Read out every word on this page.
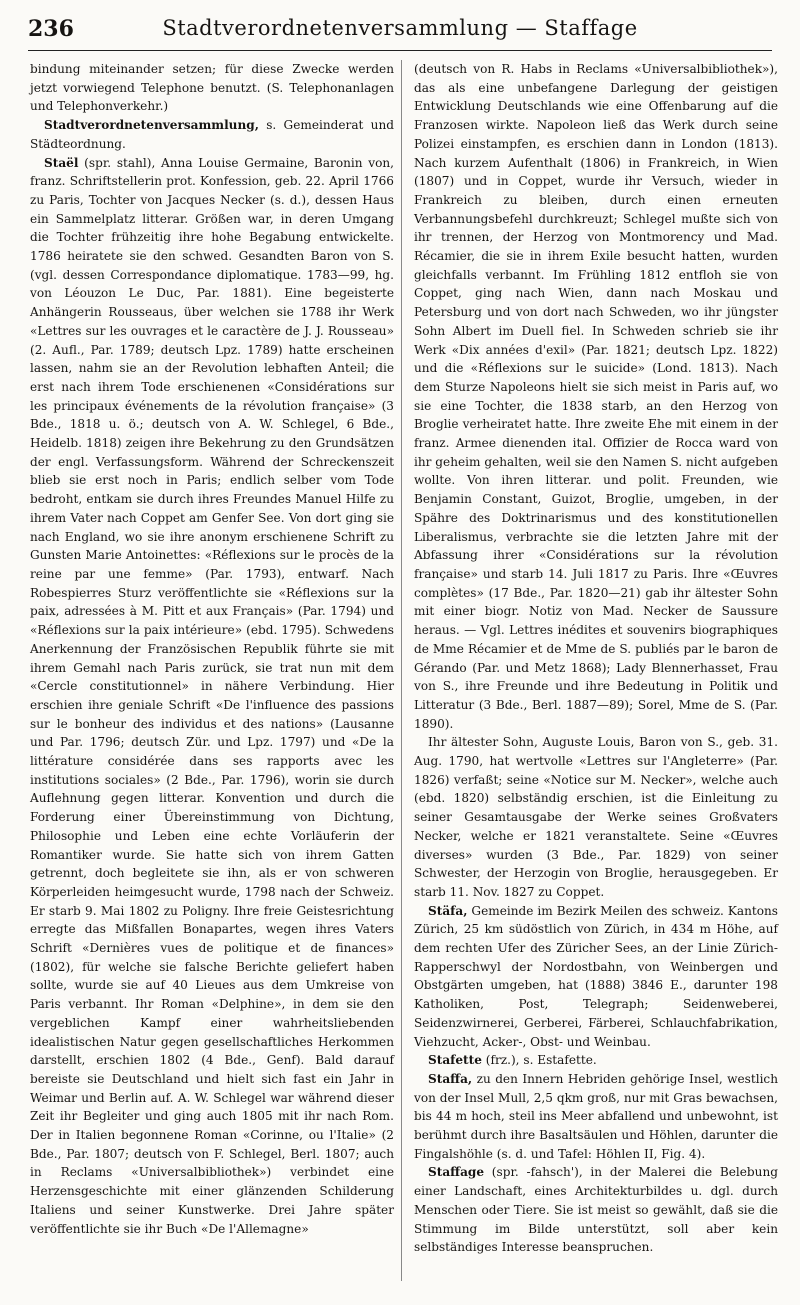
236	Stadtverordnetenversammlung — Staffage

bindung miteinander setzen; für diese Zwecke werden jetzt vorwiegend Telephone benutzt. (S. Telephonanlagen und Telephonverkehr.)

Stadtverordnetenversammlung, s. Gemeinderat und Städteordnung.

Staël (spr. stahl), Anna Louise Germaine, Baronin von, franz. Schriftstellerin prot. Konfession, geb. 22. April 1766 zu Paris, Tochter von Jacques Necker (s. d.), dessen Haus ein Sammelplatz litterar. Größen war, in deren Umgang die Tochter frühzeitig ihre hohe Begabung entwickelte. 1786 heiratete sie den schwed. Gesandten Baron von S. (vgl. dessen Correspondance diplomatique. 1783—99, hg. von Léouzon Le Duc, Par. 1881). Eine begeisterte Anhängerin Rousseaus, über welchen sie 1788 ihr Werk «Lettres sur les ouvrages et le caractère de J. J. Rousseau» (2. Aufl., Par. 1789; deutsch Lpz. 1789) hatte erscheinen lassen, nahm sie an der Revolution lebhaften Anteil; die erst nach ihrem Tode erschienenen «Considérations sur les principaux événements de la révolution française» (3 Bde., 1818 u. ö.; deutsch von A. W. Schlegel, 6 Bde., Heidelb. 1818) zeigen ihre Bekehrung zu den Grundsätzen der engl. Verfassungsform. Während der Schreckenszeit blieb sie erst noch in Paris; endlich selber vom Tode bedroht, entkam sie durch ihres Freundes Manuel Hilfe zu ihrem Vater nach Coppet am Genfer See. Von dort ging sie nach England, wo sie ihre anonym erschienene Schrift zu Gunsten Marie Antoinettes: «Réflexions sur le procès de la reine par une femme» (Par. 1793), entwarf. Nach Robespierres Sturz veröffentlichte sie «Réflexions sur la paix, adressées à M. Pitt et aux Français» (Par. 1794) und «Réflexions sur la paix intérieure» (ebd. 1795). Schwedens Anerkennung der Französischen Republik führte sie mit ihrem Gemahl nach Paris zurück, sie trat nun mit dem «Cercle constitutionnel» in nähere Verbindung. Hier erschien ihre geniale Schrift «De l'influence des passions sur le bonheur des individus et des nations» (Lausanne und Par. 1796; deutsch Zür. und Lpz. 1797) und «De la littérature considérée dans ses rapports avec les institutions sociales» (2 Bde., Par. 1796), worin sie durch Auflehnung gegen litterar. Konvention und durch die Forderung einer Übereinstimmung von Dichtung, Philosophie und Leben eine echte Vorläuferin der Romantiker wurde. Sie hatte sich von ihrem Gatten getrennt, doch begleitete sie ihn, als er von schweren Körperleiden heimgesucht wurde, 1798 nach der Schweiz. Er starb 9. Mai 1802 zu Poligny. Ihre freie Geistesrichtung erregte das Mißfallen Bonapartes, wegen ihres Vaters Schrift «Dernières vues de politique et de finances» (1802), für welche sie falsche Berichte geliefert haben sollte, wurde sie auf 40 Lieues aus dem Umkreise von Paris verbannt. Ihr Roman «Delphine», in dem sie den vergeblichen Kampf einer wahrheitsliebenden idealistischen Natur gegen gesellschaftliches Herkommen darstellt, erschien 1802 (4 Bde., Genf). Bald darauf bereiste sie Deutschland und hielt sich fast ein Jahr in Weimar und Berlin auf. A. W. Schlegel war während dieser Zeit ihr Begleiter und ging auch 1805 mit ihr nach Rom. Der in Italien begonnene Roman «Corinne, ou l'Italie» (2 Bde., Par. 1807; deutsch von F. Schlegel, Berl. 1807; auch in Reclams «Universalbibliothek») verbindet eine Herzensgeschichte mit einer glänzenden Schilderung Italiens und seiner Kunstwerke. Drei Jahre später veröffentlichte sie ihr Buch «De l'Allemagne»

(deutsch von R. Habs in Reclams «Universalbibliothek»), das als eine unbefangene Darlegung der geistigen Entwicklung Deutschlands wie eine Offenbarung auf die Franzosen wirkte. Napoleon ließ das Werk durch seine Polizei einstampfen, es erschien dann in London (1813). Nach kurzem Aufenthalt (1806) in Frankreich, in Wien (1807) und in Coppet, wurde ihr Versuch, wieder in Frankreich zu bleiben, durch einen erneuten Verbannungsbefehl durchkreuzt; Schlegel mußte sich von ihr trennen, der Herzog von Montmorency und Mad. Récamier, die sie in ihrem Exile besucht hatten, wurden gleichfalls verbannt. Im Frühling 1812 entfloh sie von Coppet, ging nach Wien, dann nach Moskau und Petersburg und von dort nach Schweden, wo ihr jüngster Sohn Albert im Duell fiel. In Schweden schrieb sie ihr Werk «Dix années d'exil» (Par. 1821; deutsch Lpz. 1822) und die «Réflexions sur le suicide» (Lond. 1813). Nach dem Sturze Napoleons hielt sie sich meist in Paris auf, wo sie eine Tochter, die 1838 starb, an den Herzog von Broglie verheiratet hatte. Ihre zweite Ehe mit einem in der franz. Armee dienenden ital. Offizier de Rocca ward von ihr geheim gehalten, weil sie den Namen S. nicht aufgeben wollte. Von ihren litterar. und polit. Freunden, wie Benjamin Constant, Guizot, Broglie, umgeben, in der Spähre des Doktrinarismus und des konstitutionellen Liberalismus, verbrachte sie die letzten Jahre mit der Abfassung ihrer «Considérations sur la révolution française» und starb 14. Juli 1817 zu Paris. Ihre «Œuvres complètes» (17 Bde., Par. 1820—21) gab ihr ältester Sohn mit einer biogr. Notiz von Mad. Necker de Saussure heraus. — Vgl. Lettres inédites et souvenirs biographiques de Mme Récamier et de Mme de S. publiés par le baron de Gérando (Par. und Metz 1868); Lady Blennerhasset, Frau von S., ihre Freunde und ihre Bedeutung in Politik und Litteratur (3 Bde., Berl. 1887—89); Sorel, Mme de S. (Par. 1890).

Ihr ältester Sohn, Auguste Louis, Baron von S., geb. 31. Aug. 1790, hat wertvolle «Lettres sur l'Angleterre» (Par. 1826) verfaßt; seine «Notice sur M. Necker», welche auch (ebd. 1820) selbständig erschien, ist die Einleitung zu seiner Gesamtausgabe der Werke seines Großvaters Necker, welche er 1821 veranstaltete. Seine «Œuvres diverses» wurden (3 Bde., Par. 1829) von seiner Schwester, der Herzogin von Broglie, herausgegeben. Er starb 11. Nov. 1827 zu Coppet.

Stäfa, Gemeinde im Bezirk Meilen des schweiz. Kantons Zürich, 25 km südöstlich von Zürich, in 434 m Höhe, auf dem rechten Ufer des Züricher Sees, an der Linie Zürich-Rapperschwyl der Nordostbahn, von Weinbergen und Obstgärten umgeben, hat (1888) 3846 E., darunter 198 Katholiken, Post, Telegraph; Seidenweberei, Seidenzwirnerei, Gerberei, Färberei, Schlauchfabrikation, Viehzucht, Acker-, Obst- und Weinbau.

Stafette (frz.), s. Estafette.

Staffa, zu den Innern Hebriden gehörige Insel, westlich von der Insel Mull, 2,5 qkm groß, nur mit Gras bewachsen, bis 44 m hoch, steil ins Meer abfallend und unbewohnt, ist berühmt durch ihre Basaltsäulen und Höhlen, darunter die Fingalshöhle (s. d. und Tafel: Höhlen II, Fig. 4).

Staffage (spr. -fahsch'), in der Malerei die Belebung einer Landschaft, eines Architekturbildes u. dgl. durch Menschen oder Tiere. Sie ist meist so gewählt, daß sie die Stimmung im Bilde unterstützt, soll aber kein selbständiges Interesse beanspruchen.
